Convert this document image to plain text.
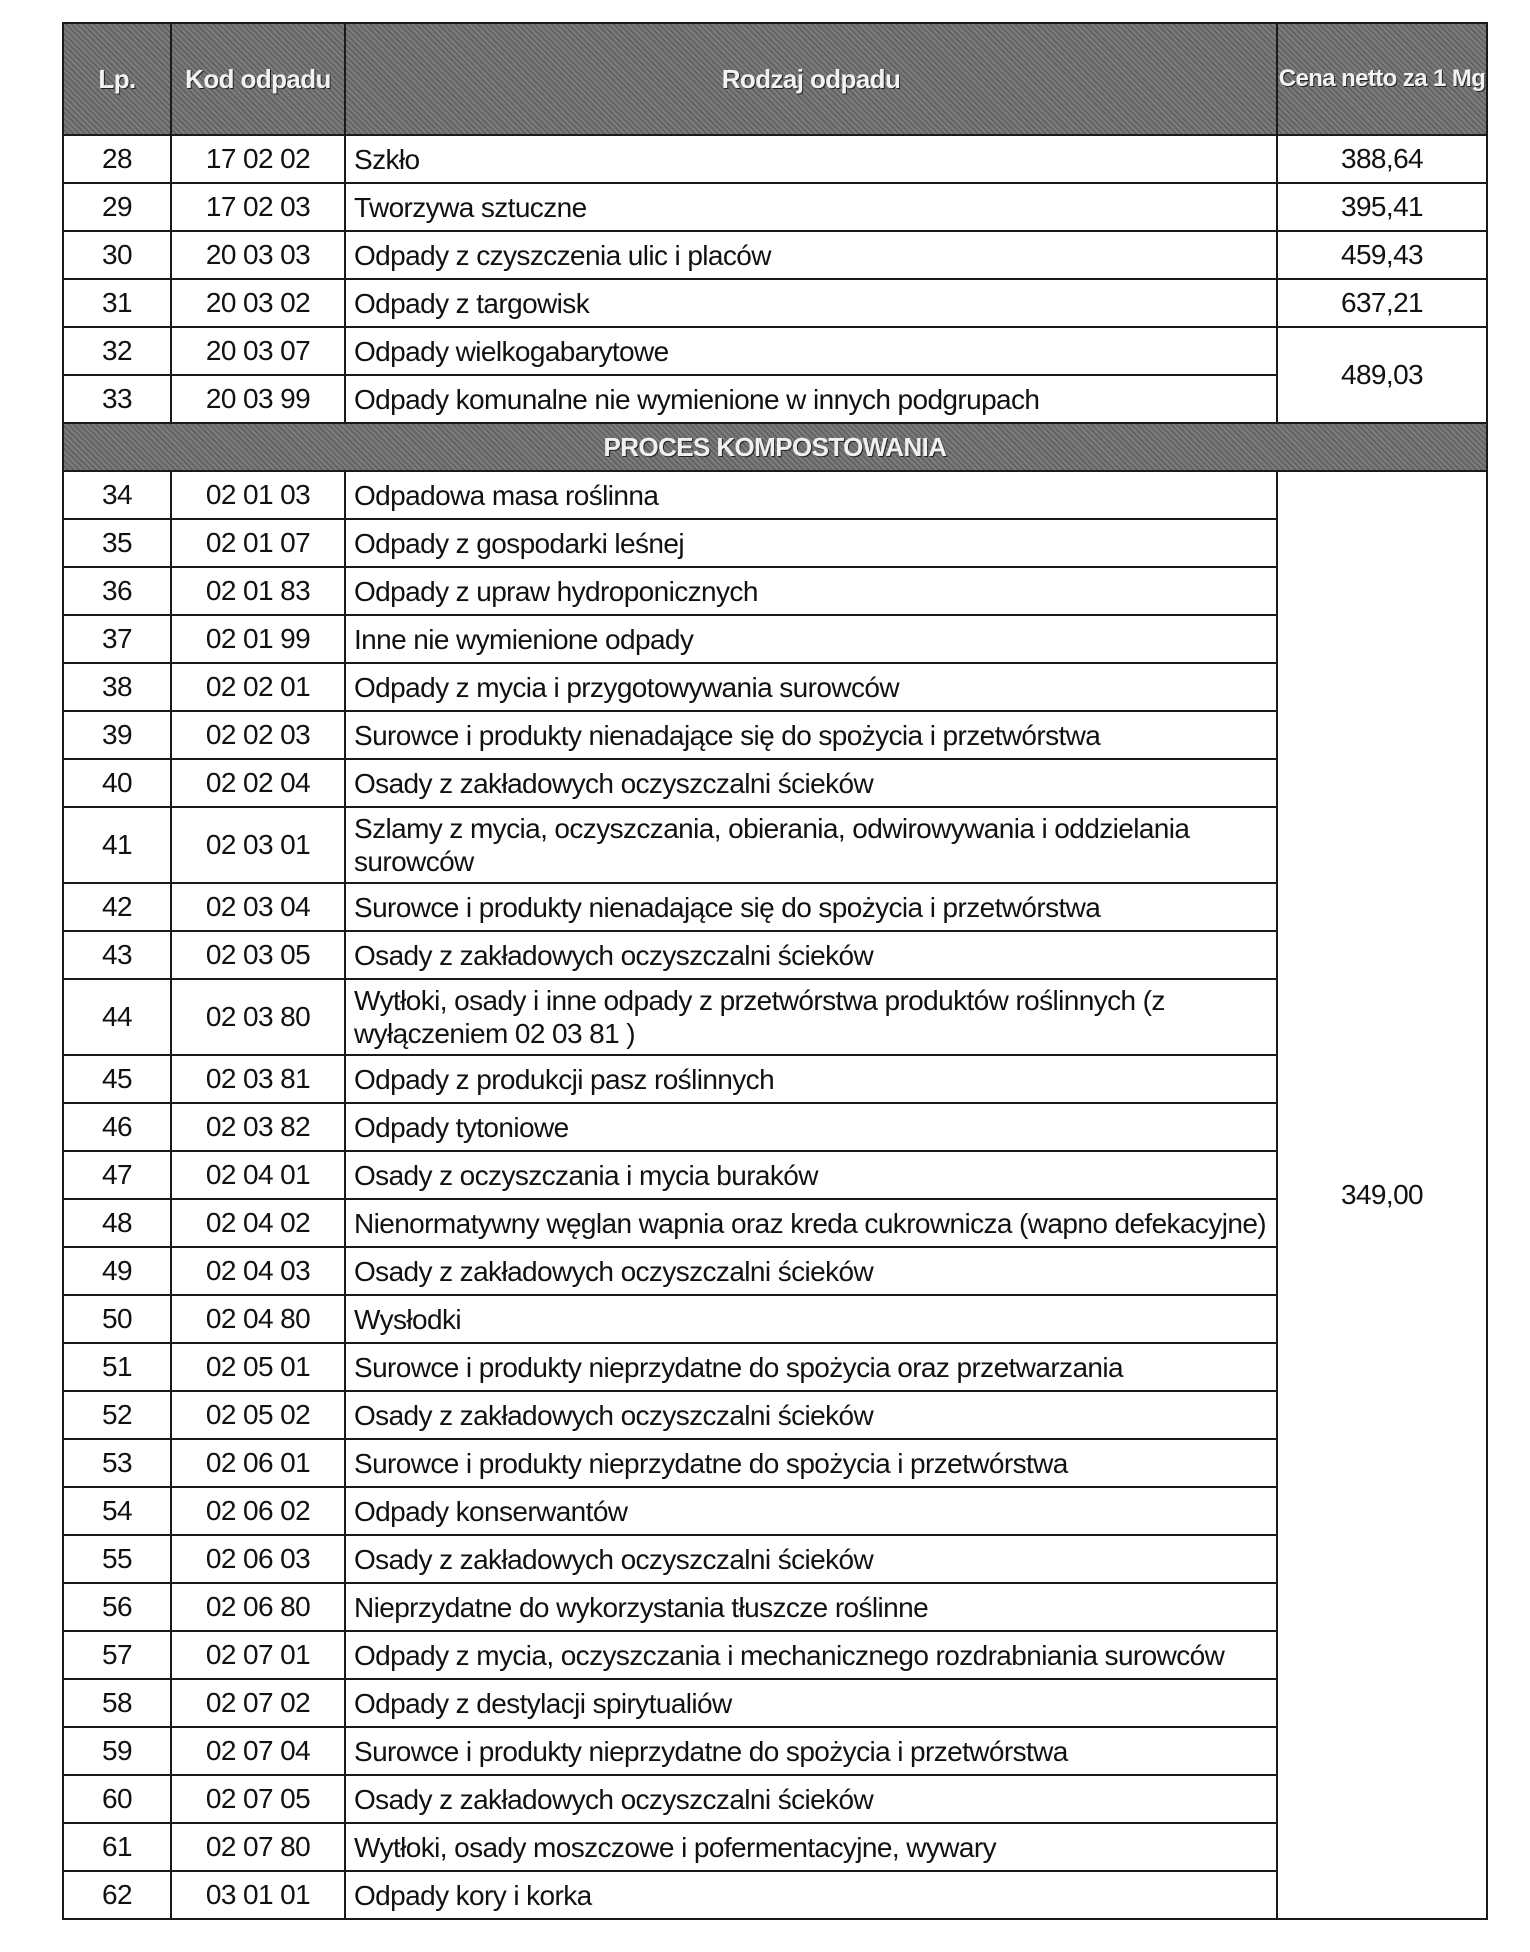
Lp.	Kod odpadu	Rodzaj odpadu	Cena netto za 1 Mg
28	17 02 02	Szkło	388,64
29	17 02 03	Tworzywa sztuczne	395,41
30	20 03 03	Odpady z czyszczenia ulic i placów	459,43
31	20 03 02	Odpady z targowisk	637,21
32	20 03 07	Odpady wielkogabarytowe	489,03
33	20 03 99	Odpady komunalne nie wymienione w innych podgrupach	
PROCES KOMPOSTOWANIA			
34	02 01 03	Odpadowa masa roślinna	349,00
35	02 01 07	Odpady z gospodarki leśnej	
36	02 01 83	Odpady z upraw hydroponicznych	
37	02 01 99	Inne nie wymienione odpady	
38	02 02 01	Odpady z mycia i przygotowywania surowców	
39	02 02 03	Surowce i produkty nienadające się do spożycia i przetwórstwa	
40	02 02 04	Osady z zakładowych oczyszczalni ścieków	
41	02 03 01	Szlamy z mycia, oczyszczania, obierania, odwirowywania i oddzielania surowców	
42	02 03 04	Surowce i produkty nienadające się do spożycia i przetwórstwa	
43	02 03 05	Osady z zakładowych oczyszczalni ścieków	
44	02 03 80	Wytłoki, osady i inne odpady z przetwórstwa produktów roślinnych (z wyłączeniem 02 03 81 )	
45	02 03 81	Odpady z produkcji pasz roślinnych	
46	02 03 82	Odpady tytoniowe	
47	02 04 01	Osady z oczyszczania i mycia buraków	
48	02 04 02	Nienormatywny węglan wapnia oraz kreda cukrownicza (wapno defekacyjne)	
49	02 04 03	Osady z zakładowych oczyszczalni ścieków	
50	02 04 80	Wysłodki	
51	02 05 01	Surowce i produkty nieprzydatne do spożycia oraz przetwarzania	
52	02 05 02	Osady z zakładowych oczyszczalni ścieków	
53	02 06 01	Surowce i produkty nieprzydatne do spożycia i przetwórstwa	
54	02 06 02	Odpady konserwantów	
55	02 06 03	Osady z zakładowych oczyszczalni ścieków	
56	02 06 80	Nieprzydatne do wykorzystania tłuszcze roślinne	
57	02 07 01	Odpady z mycia, oczyszczania i mechanicznego rozdrabniania surowców	
58	02 07 02	Odpady z destylacji spirytualiów	
59	02 07 04	Surowce i produkty nieprzydatne do spożycia i przetwórstwa	
60	02 07 05	Osady z zakładowych oczyszczalni ścieków	
61	02 07 80	Wytłoki, osady moszczowe i pofermentacyjne, wywary	
62	03 01 01	Odpady kory i korka	
